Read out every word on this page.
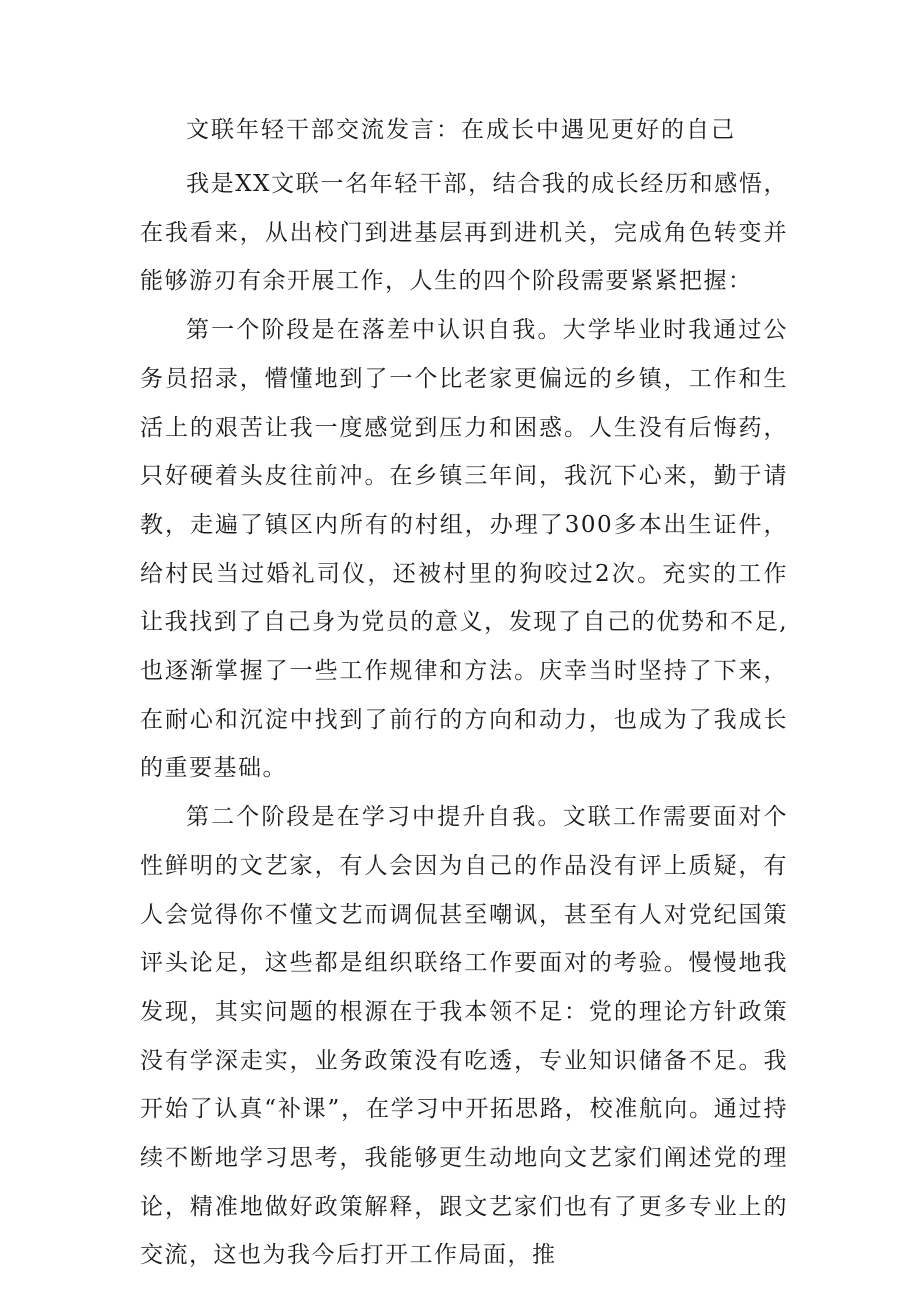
文联年轻干部交流发言：在成长中遇见更好的自己

我是XX文联一名年轻干部，结合我的成长经历和感悟，在我看来，从出校门到进基层再到进机关，完成角色转变并能够游刃有余开展工作，人生的四个阶段需要紧紧把握：

第一个阶段是在落差中认识自我。大学毕业时我通过公务员招录，懵懂地到了一个比老家更偏远的乡镇，工作和生活上的艰苦让我一度感觉到压力和困惑。人生没有后悔药，只好硬着头皮往前冲。在乡镇三年间，我沉下心来，勤于请教，走遍了镇区内所有的村组，办理了300多本出生证件，给村民当过婚礼司仪，还被村里的狗咬过2次。充实的工作让我找到了自己身为党员的意义，发现了自己的优势和不足,也逐渐掌握了一些工作规律和方法。庆幸当时坚持了下来，在耐心和沉淀中找到了前行的方向和动力，也成为了我成长的重要基础。

第二个阶段是在学习中提升自我。文联工作需要面对个性鲜明的文艺家，有人会因为自己的作品没有评上质疑，有人会觉得你不懂文艺而调侃甚至嘲讽，甚至有人对党纪国策评头论足，这些都是组织联络工作要面对的考验。慢慢地我发现，其实问题的根源在于我本领不足：党的理论方针政策没有学深走实，业务政策没有吃透，专业知识储备不足。我开始了认真“补课”，在学习中开拓思路，校准航向。通过持续不断地学习思考，我能够更生动地向文艺家们阐述党的理论，精准地做好政策解释，跟文艺家们也有了更多专业上的交流，这也为我今后打开工作局面，推
